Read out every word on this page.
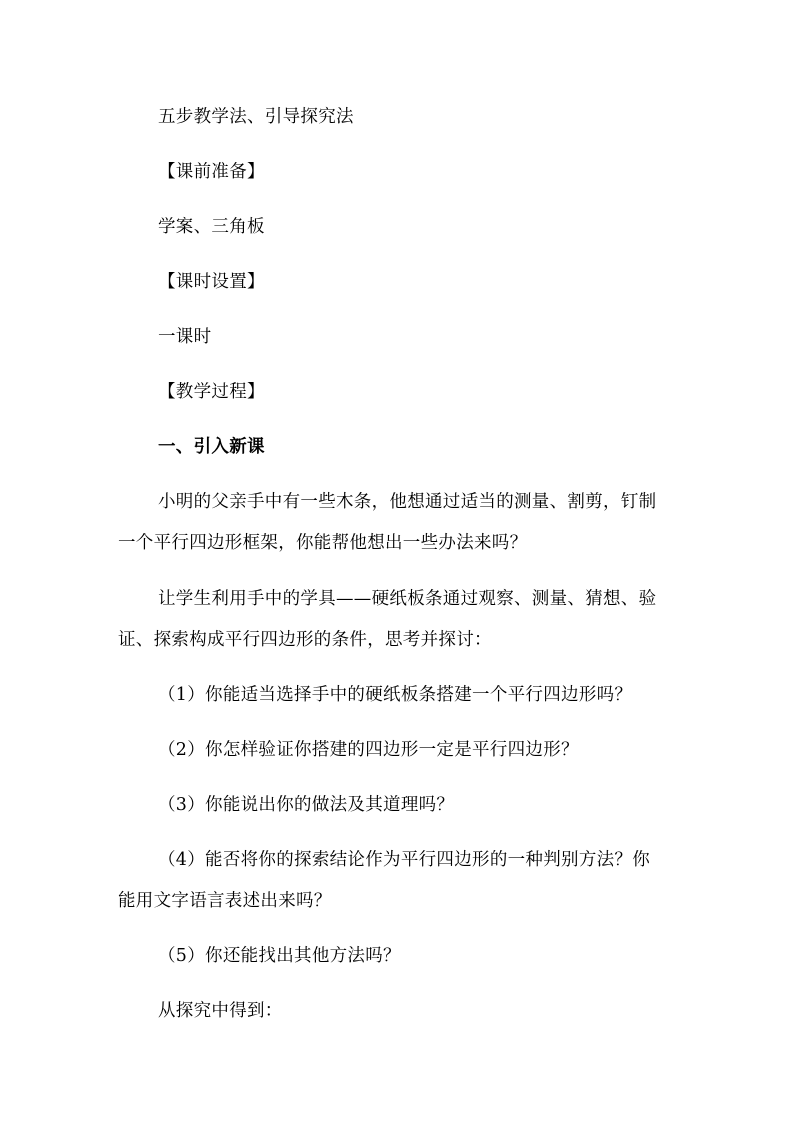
五步教学法、引导探究法
【课前准备】
学案、三角板
【课时设置】
一课时
【教学过程】
一、引入新课
小明的父亲手中有一些木条，他想通过适当的测量、割剪，钉制
一个平行四边形框架，你能帮他想出一些办法来吗？
让学生利用手中的学具——硬纸板条通过观察、测量、猜想、验
证、探索构成平行四边形的条件，思考并探讨：
（1）你能适当选择手中的硬纸板条搭建一个平行四边形吗？
（2）你怎样验证你搭建的四边形一定是平行四边形？
（3）你能说出你的做法及其道理吗？
（4）能否将你的探索结论作为平行四边形的一种判别方法？你
能用文字语言表述出来吗？
（5）你还能找出其他方法吗？
从探究中得到：
